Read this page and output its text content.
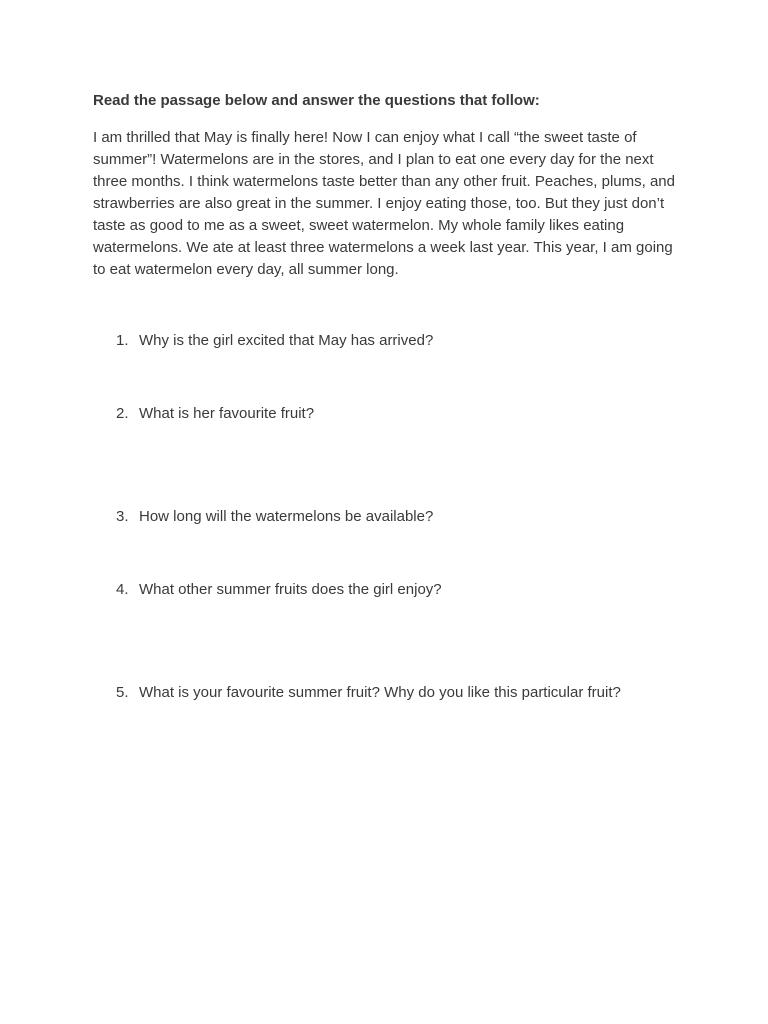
Read the passage below and answer the questions that follow:

I am thrilled that May is finally here! Now I can enjoy what I call “the sweet taste of summer”! Watermelons are in the stores, and I plan to eat one every day for the next three months. I think watermelons taste better than any other fruit. Peaches, plums, and strawberries are also great in the summer. I enjoy eating those, too. But they just don’t taste as good to me as a sweet, sweet watermelon. My whole family likes eating watermelons. We ate at least three watermelons a week last year. This year, I am going to eat watermelon every day, all summer long.

1. Why is the girl excited that May has arrived?
2. What is her favourite fruit?
3. How long will the watermelons be available?
4. What other summer fruits does the girl enjoy?
5. What is your favourite summer fruit? Why do you like this particular fruit?
